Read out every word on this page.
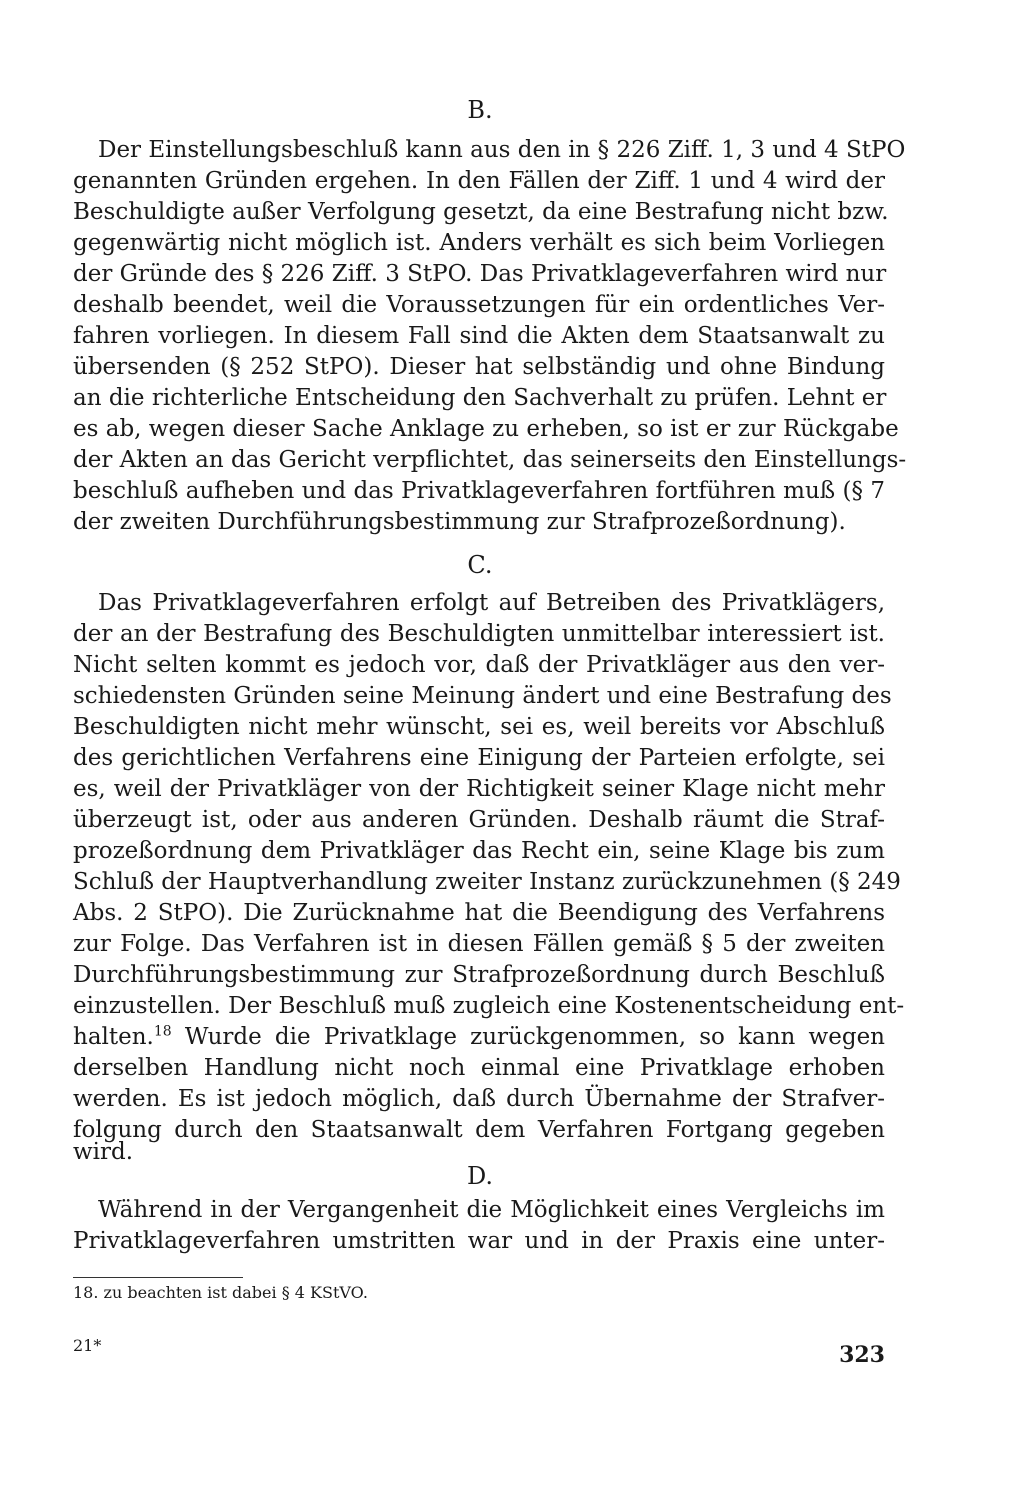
B.
Der Einstellungsbeschluß kann aus den in § 226 Ziff. 1, 3 und 4 StPO
genannten Gründen ergehen. In den Fällen der Ziff. 1 und 4 wird der
Beschuldigte außer Verfolgung gesetzt, da eine Bestrafung nicht bzw.
gegenwärtig nicht möglich ist. Anders verhält es sich beim Vorliegen
der Gründe des § 226 Ziff. 3 StPO. Das Privatklageverfahren wird nur
deshalb beendet, weil die Voraussetzungen für ein ordentliches Ver-
fahren vorliegen. In diesem Fall sind die Akten dem Staatsanwalt zu
übersenden (§ 252 StPO). Dieser hat selbständig und ohne Bindung
an die richterliche Entscheidung den Sachverhalt zu prüfen. Lehnt er
es ab, wegen dieser Sache Anklage zu erheben, so ist er zur Rückgabe
der Akten an das Gericht verpflichtet, das seinerseits den Einstellungs-
beschluß aufheben und das Privatklageverfahren fortführen muß (§ 7
der zweiten Durchführungsbestimmung zur Strafprozeßordnung).
C.
Das Privatklageverfahren erfolgt auf Betreiben des Privatklägers,
der an der Bestrafung des Beschuldigten unmittelbar interessiert ist.
Nicht selten kommt es jedoch vor, daß der Privatkläger aus den ver-
schiedensten Gründen seine Meinung ändert und eine Bestrafung des
Beschuldigten nicht mehr wünscht, sei es, weil bereits vor Abschluß
des gerichtlichen Verfahrens eine Einigung der Parteien erfolgte, sei
es, weil der Privatkläger von der Richtigkeit seiner Klage nicht mehr
überzeugt ist, oder aus anderen Gründen. Deshalb räumt die Straf-
prozeßordnung dem Privatkläger das Recht ein, seine Klage bis zum
Schluß der Hauptverhandlung zweiter Instanz zurückzunehmen (§ 249
Abs. 2 StPO). Die Zurücknahme hat die Beendigung des Verfahrens
zur Folge. Das Verfahren ist in diesen Fällen gemäß § 5 der zweiten
Durchführungsbestimmung zur Strafprozeßordnung durch Beschluß
einzustellen. Der Beschluß muß zugleich eine Kostenentscheidung ent-
halten.$^{18}$ Wurde die Privatklage zurückgenommen, so kann wegen
derselben Handlung nicht noch einmal eine Privatklage erhoben
werden. Es ist jedoch möglich, daß durch Übernahme der Strafver-
folgung durch den Staatsanwalt dem Verfahren Fortgang gegeben
wird.
D.
Während in der Vergangenheit die Möglichkeit eines Vergleichs im
Privatklageverfahren umstritten war und in der Praxis eine unter-
18. zu beachten ist dabei § 4 KStVO.
21*	323
